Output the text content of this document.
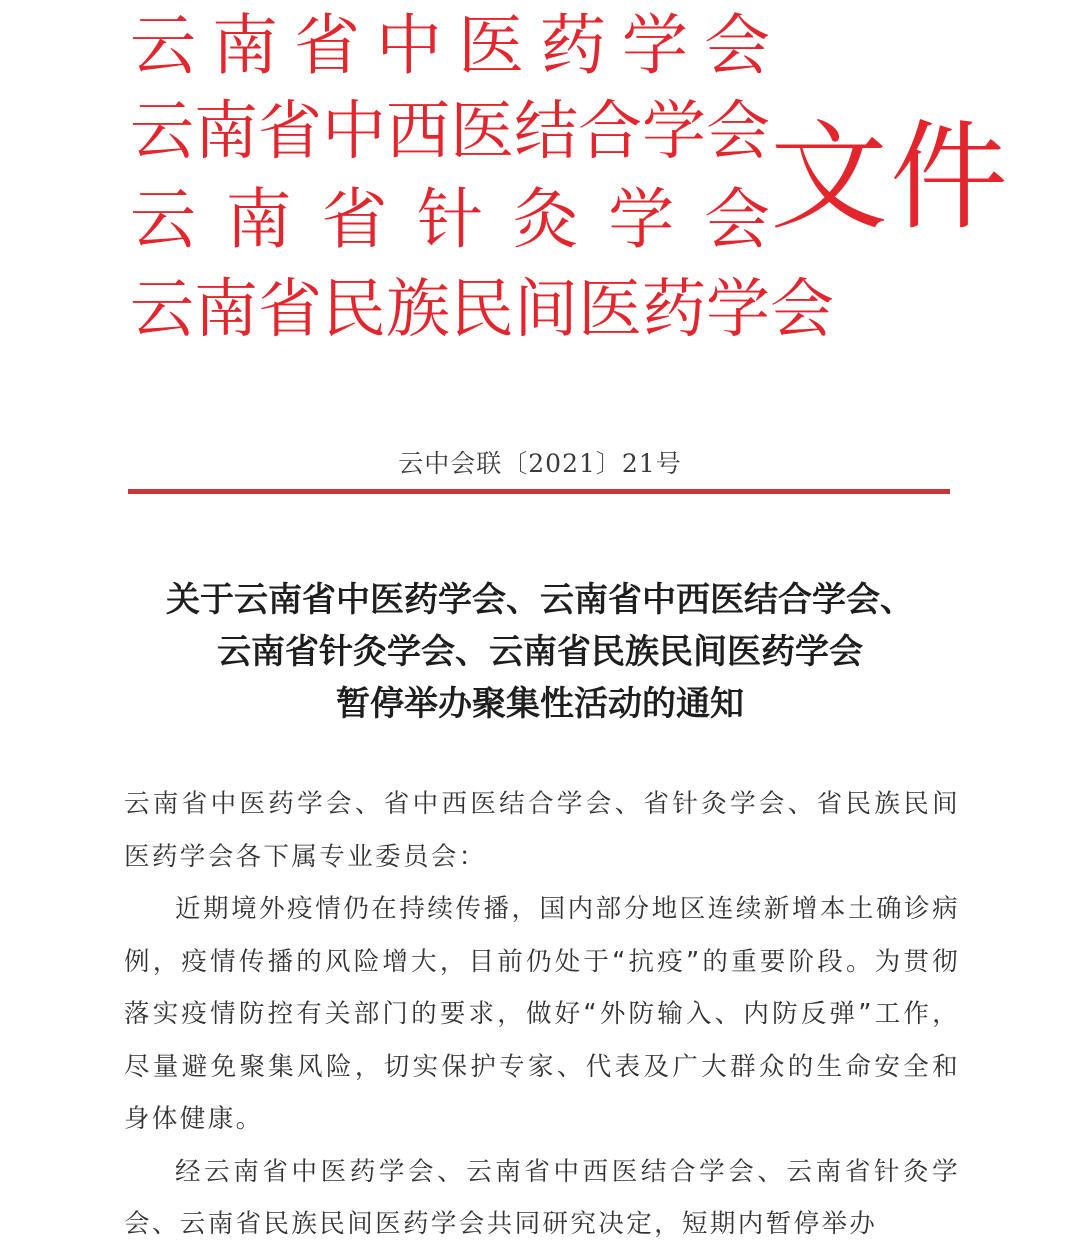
云 南 省 中 医 药 学 会
云 南 省 中 西 医 结 合 学 会
云 南 省 针 灸 学 会
云 南 省 民 族 民 间 医 药 学 会
文件
云中会联〔2021〕21号
关于云南省中医药学会、云南省中西医结合学会、
云南省针灸学会、云南省民族民间医药学会
暂停举办聚集性活动的通知

云南省中医药学会、省中西医结合学会、省针灸学会、省民族民间医药学会各下属专业委员会：

近期境外疫情仍在持续传播，国内部分地区连续新增本土确诊病例，疫情传播的风险增大，目前仍处于“抗疫”的重要阶段。为贯彻落实疫情防控有关部门的要求，做好“外防输入、内防反弹”工作，尽量避免聚集风险，切实保护专家、代表及广大群众的生命安全和身体健康。

经云南省中医药学会、云南省中西医结合学会、云南省针灸学会、云南省民族民间医药学会共同研究决定，短期内暂停举办
